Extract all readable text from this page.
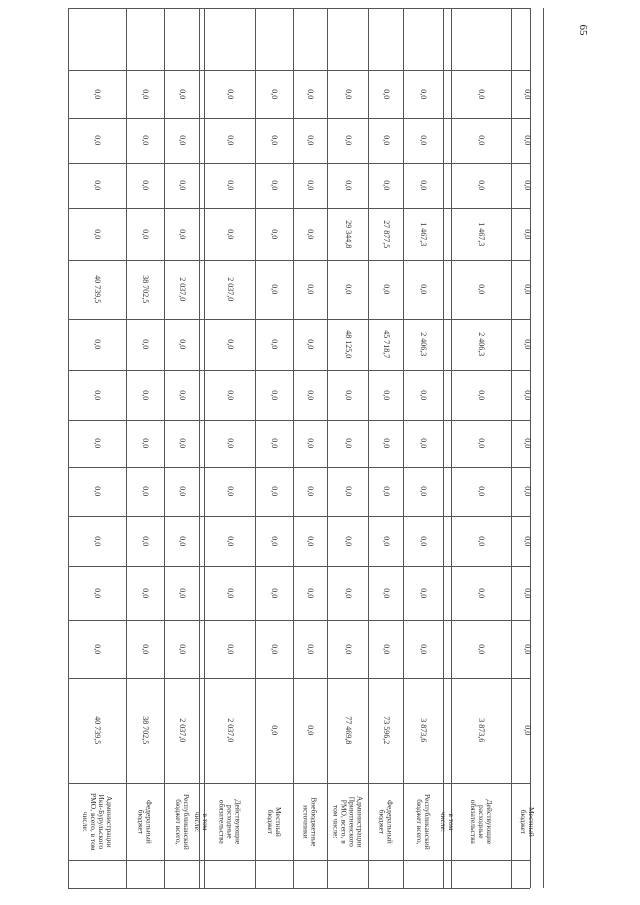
65
Администрации Ики-Бурульского РМО, всего, в том числе:
40 739,5
0,0
0,0
0,0
0,0
0,0
0,0
0,0
40 739,5
0,0
0,0
0,0
0,0
Федеральный бюджет
38 702,5
0,0
0,0
0,0
0,0
0,0
0,0
0,0
38 702,5
0,0
0,0
0,0
0,0
Республиканский бюджет всего,
2 037,0
0,0
0,0
0,0
0,0
0,0
0,0
0,0
2 037,0
0,0
0,0
0,0
0,0
в том числе:	Действующие расходные обязательства
2 037,0
0,0
0,0
0,0
0,0
0,0
0,0
0,0
2 037,0
0,0
0,0
0,0
0,0
Местный бюджет
0,0
0,0
0,0
0,0
0,0
0,0
0,0
0,0
0,0
0,0
0,0
0,0
0,0
Внебюджетные источники
0,0
0,0
0,0
0,0
0,0
0,0
0,0
0,0
0,0
0,0
0,0
0,0
0,0
Администрации Приютненского РМО, всего, в том числе:
77 469,8
0,0
0,0
0,0
0,0
0,0
0,0
48 125,0
0,0
29 344,8
0,0
0,0
0,0
Федеральный бюджет
73 596,2
0,0
0,0
0,0
0,0
0,0
0,0
45 718,7
0,0
27 877,5
0,0
0,0
0,0
Республиканский бюджет всего,
3 873,6
0,0
0,0
0,0
0,0
0,0
0,0
2 406,3
0,0
1 467,3
0,0
0,0
0,0
в том числе:	Действующие расходные обязательства
3 873,6
0,0
0,0
0,0
0,0
0,0
0,0
2 406,3
0,0
1 467,3
0,0
0,0
0,0
Местный бюджет
0,0
0,0
0,0
0,0
0,0
0,0
0,0
0,0
0,0
0,0
0,0
0,0
0,0
